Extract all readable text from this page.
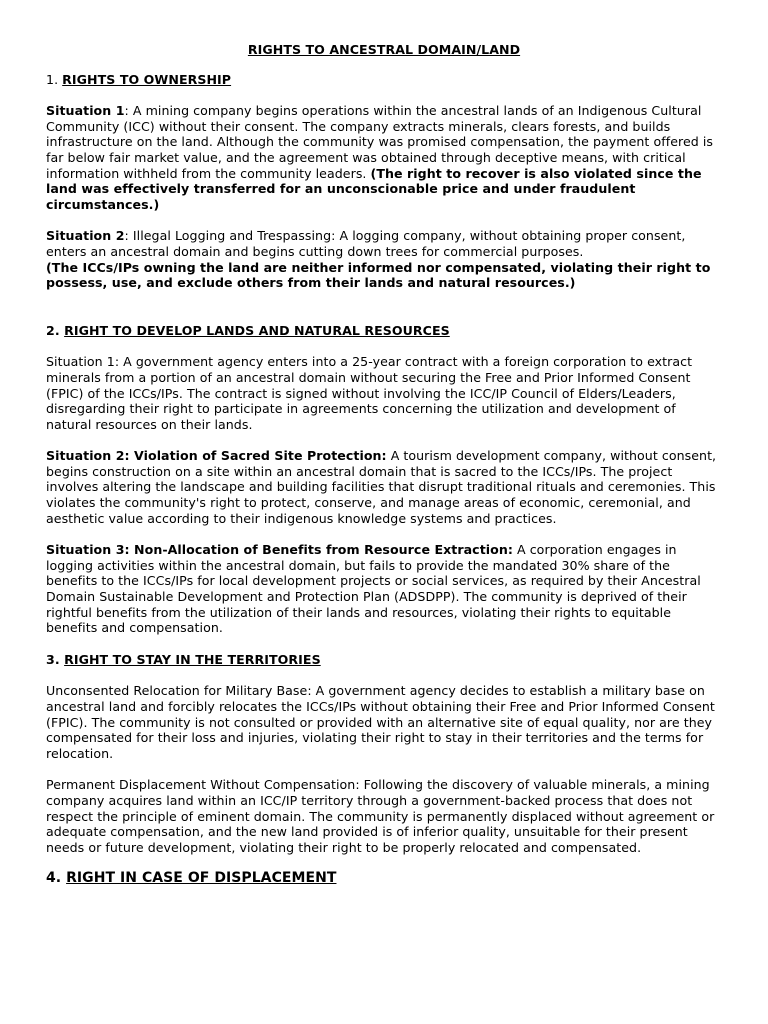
RIGHTS TO ANCESTRAL DOMAIN/LAND
1. RIGHTS TO OWNERSHIP

Situation 1: A mining company begins operations within the ancestral lands of an Indigenous Cultural Community (ICC) without their consent. The company extracts minerals, clears forests, and builds infrastructure on the land. Although the community was promised compensation, the payment offered is far below fair market value, and the agreement was obtained through deceptive means, with critical information withheld from the community leaders. (The right to recover is also violated since the land was effectively transferred for an unconscionable price and under fraudulent circumstances.)

Situation 2: Illegal Logging and Trespassing: A logging company, without obtaining proper consent, enters an ancestral domain and begins cutting down trees for commercial purposes.
(The ICCs/IPs owning the land are neither informed nor compensated, violating their right to possess, use, and exclude others from their lands and natural resources.)

2. RIGHT TO DEVELOP LANDS AND NATURAL RESOURCES

Situation 1: A government agency enters into a 25-year contract with a foreign corporation to extract minerals from a portion of an ancestral domain without securing the Free and Prior Informed Consent (FPIC) of the ICCs/IPs. The contract is signed without involving the ICC/IP Council of Elders/Leaders, disregarding their right to participate in agreements concerning the utilization and development of natural resources on their lands.

Situation 2: Violation of Sacred Site Protection: A tourism development company, without consent, begins construction on a site within an ancestral domain that is sacred to the ICCs/IPs. The project involves altering the landscape and building facilities that disrupt traditional rituals and ceremonies. This violates the community's right to protect, conserve, and manage areas of economic, ceremonial, and aesthetic value according to their indigenous knowledge systems and practices.

Situation 3: Non-Allocation of Benefits from Resource Extraction: A corporation engages in logging activities within the ancestral domain, but fails to provide the mandated 30% share of the benefits to the ICCs/IPs for local development projects or social services, as required by their Ancestral Domain Sustainable Development and Protection Plan (ADSDPP). The community is deprived of their rightful benefits from the utilization of their lands and resources, violating their rights to equitable benefits and compensation.

3. RIGHT TO STAY IN THE TERRITORIES

Unconsented Relocation for Military Base: A government agency decides to establish a military base on ancestral land and forcibly relocates the ICCs/IPs without obtaining their Free and Prior Informed Consent (FPIC). The community is not consulted or provided with an alternative site of equal quality, nor are they compensated for their loss and injuries, violating their right to stay in their territories and the terms for relocation.

Permanent Displacement Without Compensation: Following the discovery of valuable minerals, a mining company acquires land within an ICC/IP territory through a government-backed process that does not respect the principle of eminent domain. The community is permanently displaced without agreement or adequate compensation, and the new land provided is of inferior quality, unsuitable for their present needs or future development, violating their right to be properly relocated and compensated.

4. RIGHT IN CASE OF DISPLACEMENT
